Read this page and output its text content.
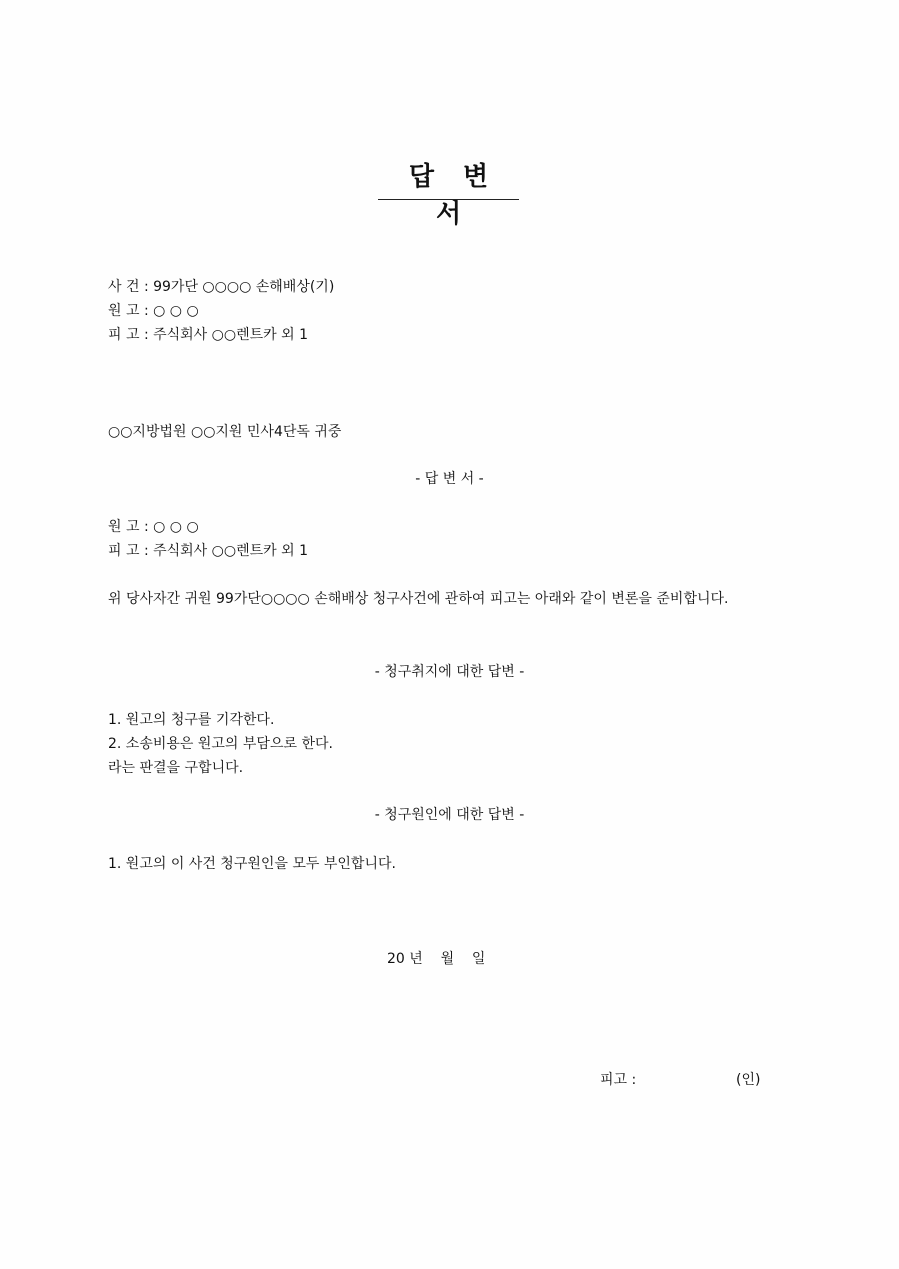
답 변 서
사 건 : 99가단 ○○○○ 손해배상(기)
원 고 : ○ ○ ○
피 고 : 주식회사 ○○렌트카 외 1
○○지방법원 ○○지원 민사4단독 귀중
- 답 변 서 -
원 고 : ○ ○ ○
피 고 : 주식회사 ○○렌트카 외 1
위 당사자간 귀원 99가단○○○○ 손해배상 청구사건에 관하여 피고는 아래와 같이 변론을 준비합니다.
- 청구취지에 대한 답변 -
1. 원고의 청구를 기각한다.
2. 소송비용은 원고의 부담으로 한다.
라는 판결을 구합니다.
- 청구원인에 대한 답변 -
1. 원고의 이 사건 청구원인을 모두 부인합니다.
20 년    월    일
피고 :	(인)
